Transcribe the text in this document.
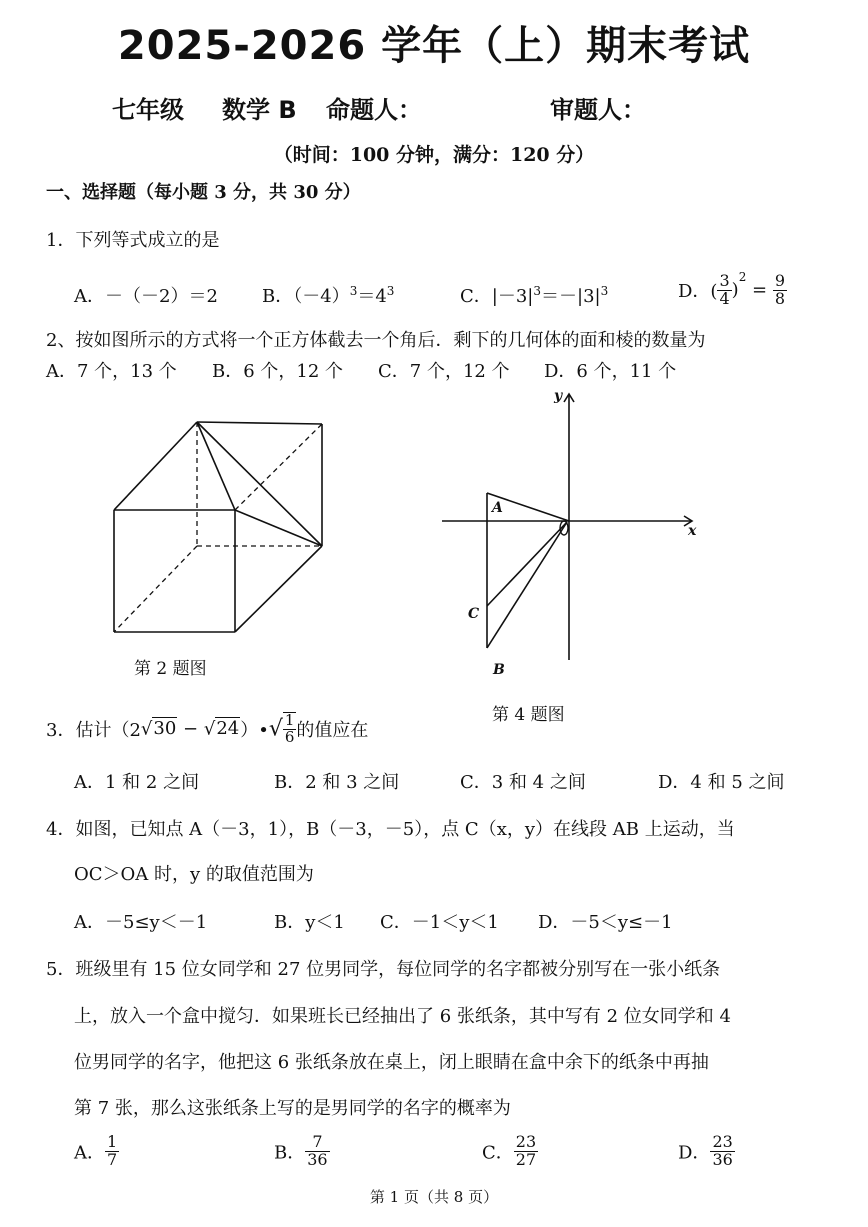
2025-2026 学年（上）期末考试
七年级 数学 B 命题人：	审题人：
（时间：100 分钟，满分：120 分）
一、选择题（每小题 3 分，共 30 分）
1．下列等式成立的是
A．－（－2）＝2 B．$(-4)^3=4^3$	C．$|-3|^3=-|3|^3$	D．( $\frac{3}{4} )^2 = \frac{9}{8}$
2、按如图所示的方式将一个正方体截去一个角后．剩下的几何体的面和棱的数量为
A．7 个，13 个 B．6 个，12 个 C．7 个，12 个 D．6 个，11 个
第 2 题图
x
y
A
C
B
第 4 题图
3．估计（2√30 − √24）•√ $\frac{1}{6}$ 的值应在
A．1 和 2 之间	B．2 和 3 之间	C．3 和 4 之间	D．4 和 5 之间
4．如图，已知点 A（－3，1），B（－3，－5），点 C（x，y）在线段 AB 上运动，当
OC＞OA 时，y 的取值范围为
A．－5≤y＜－1	B．y＜1 C．－1＜y＜1 D．－5＜y≤－1
5．班级里有 15 位女同学和 27 位男同学，每位同学的名字都被分别写在一张小纸条
上，放入一个盒中搅匀．如果班长已经抽出了 6 张纸条，其中写有 2 位女同学和 4
位男同学的名字，他把这 6 张纸条放在桌上，闭上眼睛在盒中余下的纸条中再抽
第 7 张，那么这张纸条上写的是男同学的名字的概率为
A． $\frac{1}{7}$	B． $\frac{7}{36}$	C． $\frac{23}{27}$	D． $\frac{23}{36}$
第 1 页（共 8 页）
